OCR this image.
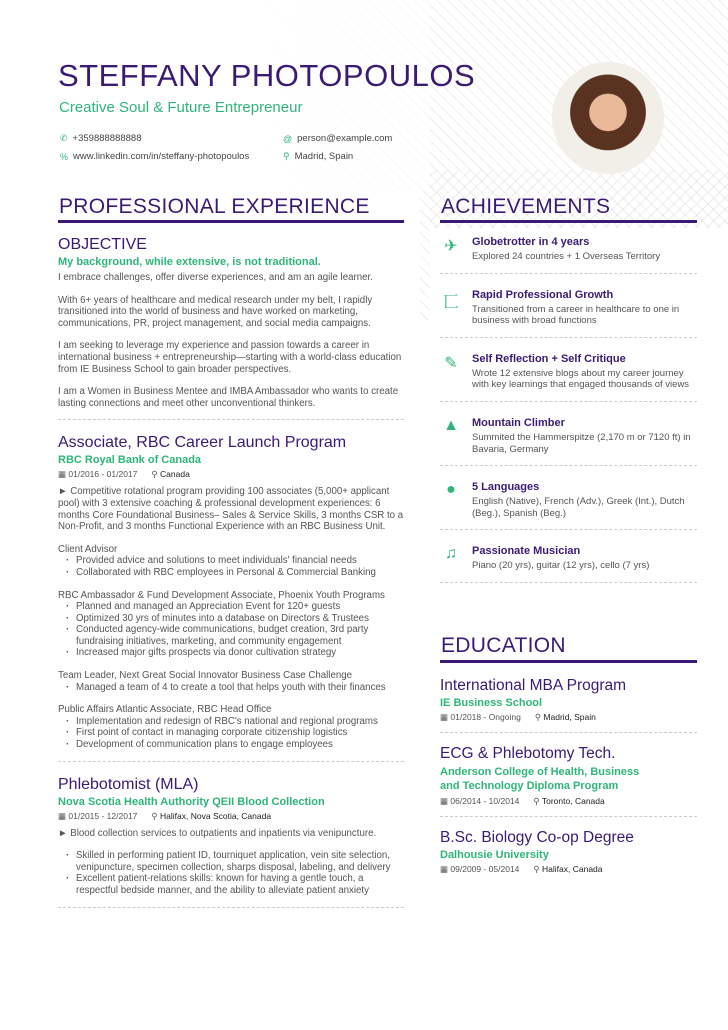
STEFFANY PHOTOPOULOS
Creative Soul & Future Entrepreneur
✆ +359888888888
% www.linkedin.com/in/steffany-photopoulos
@ person@example.com
⚲ Madrid, Spain
PROFESSIONAL EXPERIENCE	ACHIEVEMENTS
OBJECTIVE
My background, while extensive, is not traditional.

I embrace challenges, offer diverse experiences, and am an agile learner.

With 6+ years of healthcare and medical research under my belt, I rapidly transitioned into the world of business and have worked on marketing, communications, PR, project management, and social media campaigns.

I am seeking to leverage my experience and passion towards a career in international business + entrepreneurship—starting with a world-class education from IE Business School to gain broader perspectives.

I am a Women in Business Mentee and IMBA Ambassador who wants to create lasting connections and meet other unconventional thinkers.

Associate, RBC Career Launch Program
RBC Royal Bank of Canada
▦ 01/2016 - 01/2017 ⚲ Canada

► Competitive rotational program providing 100 associates (5,000+ applicant pool) with 3 extensive coaching & professional development experiences: 6 months Core Foundational Business– Sales & Service Skills, 3 months CSR to a Non-Profit, and 3 months Functional Experience with an RBC Business Unit.

Client Advisor
· Provided advice and solutions to meet individuals' financial needs
· Collaborated with RBC employees in Personal & Commercial Banking
RBC Ambassador & Fund Development Associate, Phoenix Youth Programs
· Planned and managed an Appreciation Event for 120+ guests
· Optimized 30 yrs of minutes into a database on Directors & Trustees
· Conducted agency-wide communications, budget creation, 3rd party fundraising initiatives, marketing, and community engagement
· Increased major gifts prospects via donor cultivation strategy
Team Leader, Next Great Social Innovator Business Case Challenge
· Managed a team of 4 to create a tool that helps youth with their finances
Public Affairs Atlantic Associate, RBC Head Office
· Implementation and redesign of RBC's national and regional programs
· First point of contact in managing corporate citizenship logistics
· Development of communication plans to engage employees
Phlebotomist (MLA)
Nova Scotia Health Authority QEII Blood Collection
▦ 01/2015 - 12/2017 ⚲ Halifax, Nova Scotia, Canada

► Blood collection services to outpatients and inpatients via venipuncture.

· Skilled in performing patient ID, tourniquet application, vein site selection, venipuncture, specimen collection, sharps disposal, labeling, and delivery
· Excellent patient-relations skills: known for having a gentle touch, a respectful bedside manner, and the ability to alleviate patient anxiety
✈ Globetrotter in 4 years
Explored 24 countries + 1 Overseas Territory
⼖ Rapid Professional Growth
Transitioned from a career in healthcare to one in business with broad functions
✎ Self Reflection + Self Critique
Wrote 12 extensive blogs about my career journey with key learnings that engaged thousands of views
▲ Mountain Climber
Summited the Hammerspitze (2,170 m or 7120 ft) in Bavaria, Germany
●	5 Languages
English (Native), French (Adv.), Greek (Int.), Dutch (Beg.), Spanish (Beg.)
♫ Passionate Musician
Piano (20 yrs), guitar (12 yrs), cello (7 yrs)
EDUCATION
International MBA Program
IE Business School
▦ 01/2018 - Ongoing ⚲ Madrid, Spain
ECG & Phlebotomy Tech.
Anderson College of Health, Business and Technology Diploma Program
▦ 06/2014 - 10/2014 ⚲ Toronto, Canada
B.Sc. Biology Co-op Degree
Dalhousie University
▦ 09/2009 - 05/2014 ⚲ Halifax, Canada
